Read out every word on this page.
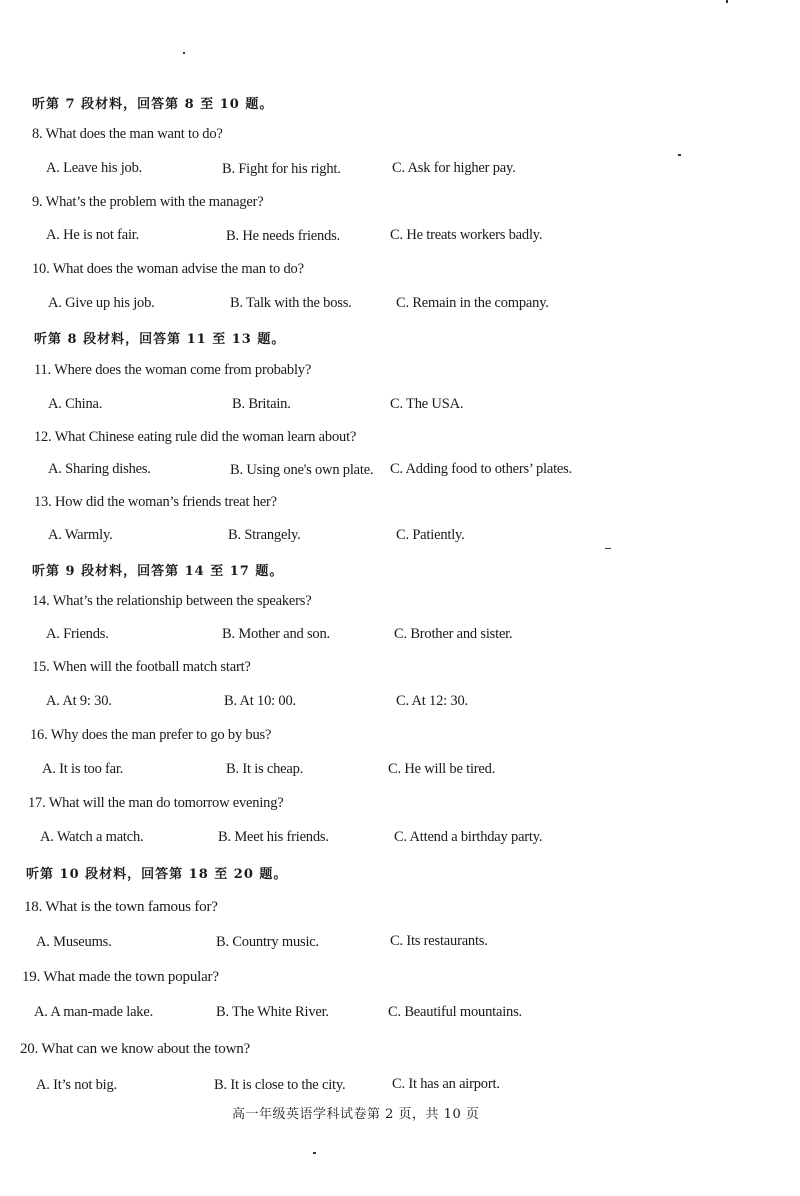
听第 7 段材料，回答第 8 至 10 题。
8. What does the man want to do?
A. Leave his job.	B. Fight for his right.	C. Ask for higher pay.
9. What’s the problem with the manager?
A. He is not fair.	B. He needs friends.	C. He treats workers badly.
10. What does the woman advise the man to do?
A. Give up his job.	B. Talk with the boss.	C. Remain in the company.
听第 8 段材料，回答第 11 至 13 题。
11. Where does the woman come from probably?
A. China.	B. Britain.	C. The USA.
12. What Chinese eating rule did the woman learn about?
A. Sharing dishes.	B. Using one's own plate. C. Adding food to others’ plates.
13. How did the woman’s friends treat her?
A. Warmly.	B. Strangely.	C. Patiently.
听第 9 段材料，回答第 14 至 17 题。
14. What’s the relationship between the speakers?
A. Friends.	B. Mother and son.	C. Brother and sister.
15. When will the football match start?
A. At 9: 30.	B. At 10: 00.	C. At 12: 30.
16. Why does the man prefer to go by bus?
A. It is too far.	B. It is cheap.	C. He will be tired.
17. What will the man do tomorrow evening?
A. Watch a match.	B. Meet his friends.	C. Attend a birthday party.
听第 10 段材料，回答第 18 至 20 题。
18. What is the town famous for?
A. Museums.	B. Country music.	C. Its restaurants.
19. What made the town popular?
A. A man-made lake.	B. The White River.	C. Beautiful mountains.
20. What can we know about the town?
A. It’s not big.	B. It is close to the city.	C. It has an airport.
高一年级英语学科试卷第 2 页，共 10 页
